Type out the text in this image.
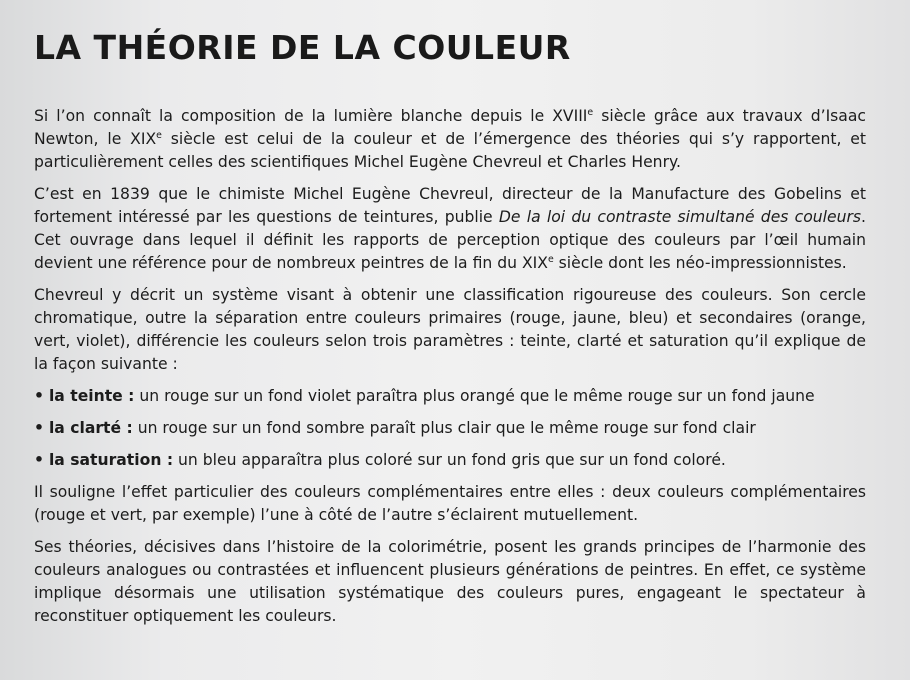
LA THÉORIE DE LA COULEUR

Si l’on connaît la composition de la lumière blanche depuis le XVIIIe siècle grâce aux travaux d’Isaac Newton, le XIXe siècle est celui de la couleur et de l’émergence des théories qui s’y rapportent, et particulièrement celles des scientifiques Michel Eugène Chevreul et Charles Henry.

C’est en 1839 que le chimiste Michel Eugène Chevreul, directeur de la Manufacture des Gobelins et fortement intéressé par les questions de teintures, publie De la loi du contraste simultané des couleurs. Cet ouvrage dans lequel il définit les rapports de perception optique des couleurs par l’œil humain devient une référence pour de nombreux peintres de la fin du XIXe siècle dont les néo-impressionnistes.

Chevreul y décrit un système visant à obtenir une classification rigoureuse des couleurs. Son cercle chromatique, outre la séparation entre couleurs primaires (rouge, jaune, bleu) et secondaires (orange, vert, violet), différencie les couleurs selon trois paramètres : teinte, clarté et saturation qu’il explique de la façon suivante :

• la teinte : un rouge sur un fond violet paraîtra plus orangé que le même rouge sur un fond jaune
• la clarté : un rouge sur un fond sombre paraît plus clair que le même rouge sur fond clair
• la saturation : un bleu apparaîtra plus coloré sur un fond gris que sur un fond coloré.

Il souligne l’effet particulier des couleurs complémentaires entre elles : deux couleurs complémentaires (rouge et vert, par exemple) l’une à côté de l’autre s’éclairent mutuellement.

Ses théories, décisives dans l’histoire de la colorimétrie, posent les grands principes de l’harmonie des couleurs analogues ou contrastées et influencent plusieurs générations de peintres. En effet, ce système implique désormais une utilisation systématique des couleurs pures, engageant le spectateur à reconstituer optiquement les couleurs.
